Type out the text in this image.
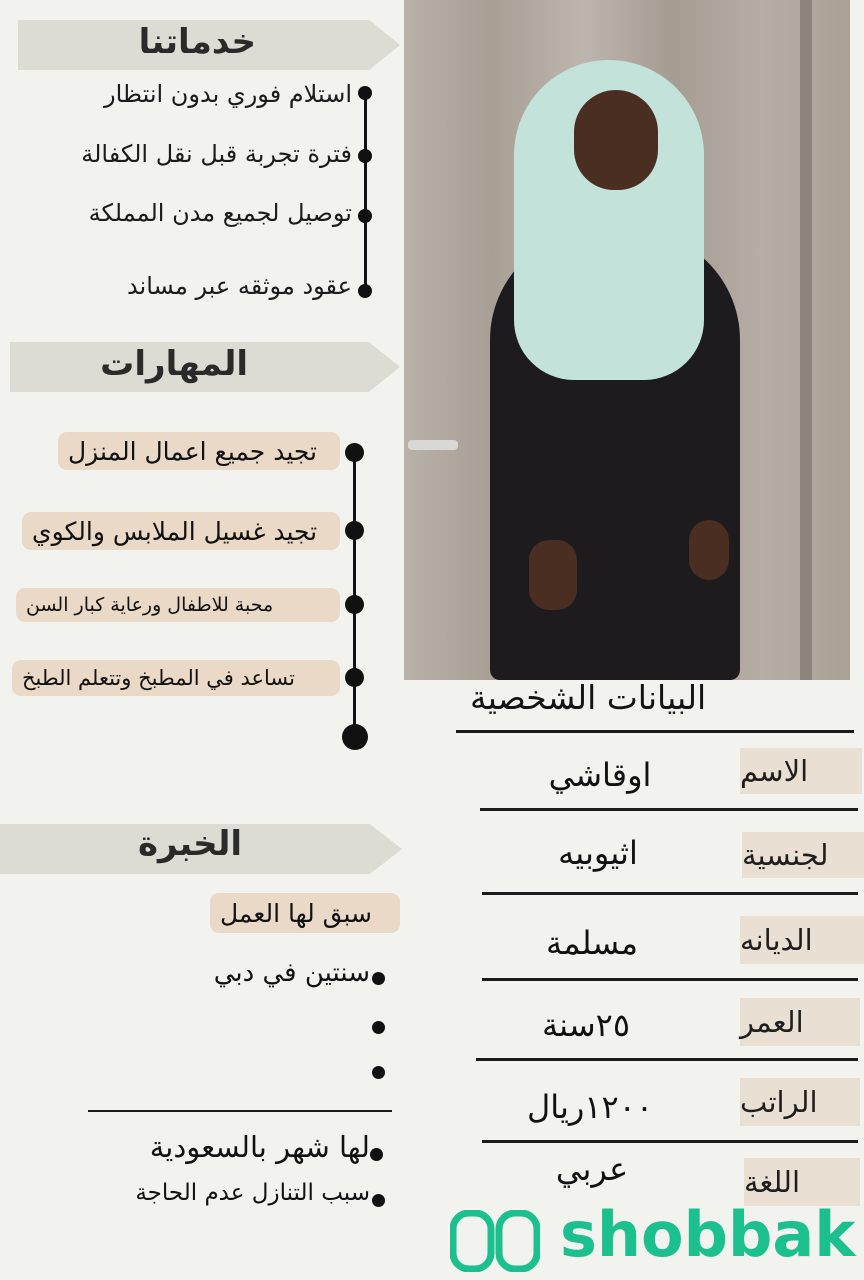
خدماتنا
استلام فوري بدون انتظار
فترة تجربة قبل نقل الكفالة
توصيل لجميع مدن المملكة
عقود موثقه عبر مساند
المهارات
تجيد جميع اعمال المنزل
تجيد غسيل الملابس والكوي
محبة للاطفال ورعاية كبار السن
تساعد في المطبخ وتتعلم الطبخ	البيانات الشخصية
الاسم
اوقاشي
لجنسية
اثيوبيه
الديانه
مسلمة
العمر
٢٥سنة
الراتب
١٢٠٠ريال
اللغة
عربي
الخبرة
سبق لها العمل
سنتين في دبي
لها شهر بالسعودية
سبب التنازل عدم الحاجة
shobbak
